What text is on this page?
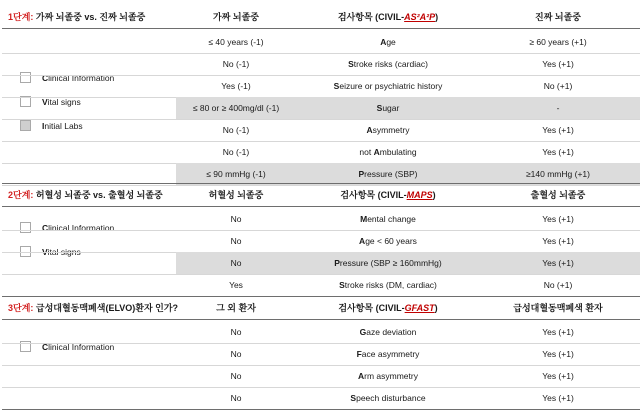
1단계: 가짜 뇌졸중 vs. 진짜 뇌졸중	가짜 뇌졸중	검사항목 (CIVIL-AS²A²P)	진짜 뇌졸중
Clinical Information
Vital signs
Initial Labs
≤ 40 years (-1)	Age	≥ 60 years (+1)
No (-1)	Stroke risks (cardiac)	Yes (+1)
Yes (-1)	Seizure or psychiatric history	No (+1)
≤ 80 or ≥ 400mg/dl (-1)	Sugar	-
No (-1)	Asymmetry	Yes (+1)
No (-1)	not Ambulating	Yes (+1)
≤ 90 mmHg (-1)	Pressure (SBP)	≥140 mmHg (+1)
2단계: 허혈성 뇌졸중 vs. 출혈성 뇌졸중	허혈성 뇌졸중	검사항목 (CIVIL-MAPS)	출혈성 뇌졸중
Clinical Information
Vital signs
No	Mental change	Yes (+1)
No	Age < 60 years	Yes (+1)
No	Pressure (SBP ≥ 160mmHg)	Yes (+1)
Yes	Stroke risks (DM, cardiac)	No (+1)
3단계: 급성대혈동맥폐색(ELVO)환자 인가?	그 외 환자	검사항목 (CIVIL-GFAST)	급성대혈동맥폐색 환자
Clinical Information
No	Gaze deviation	Yes (+1)
No	Face asymmetry	Yes (+1)
No	Arm asymmetry	Yes (+1)
No	Speech disturbance	Yes (+1)
